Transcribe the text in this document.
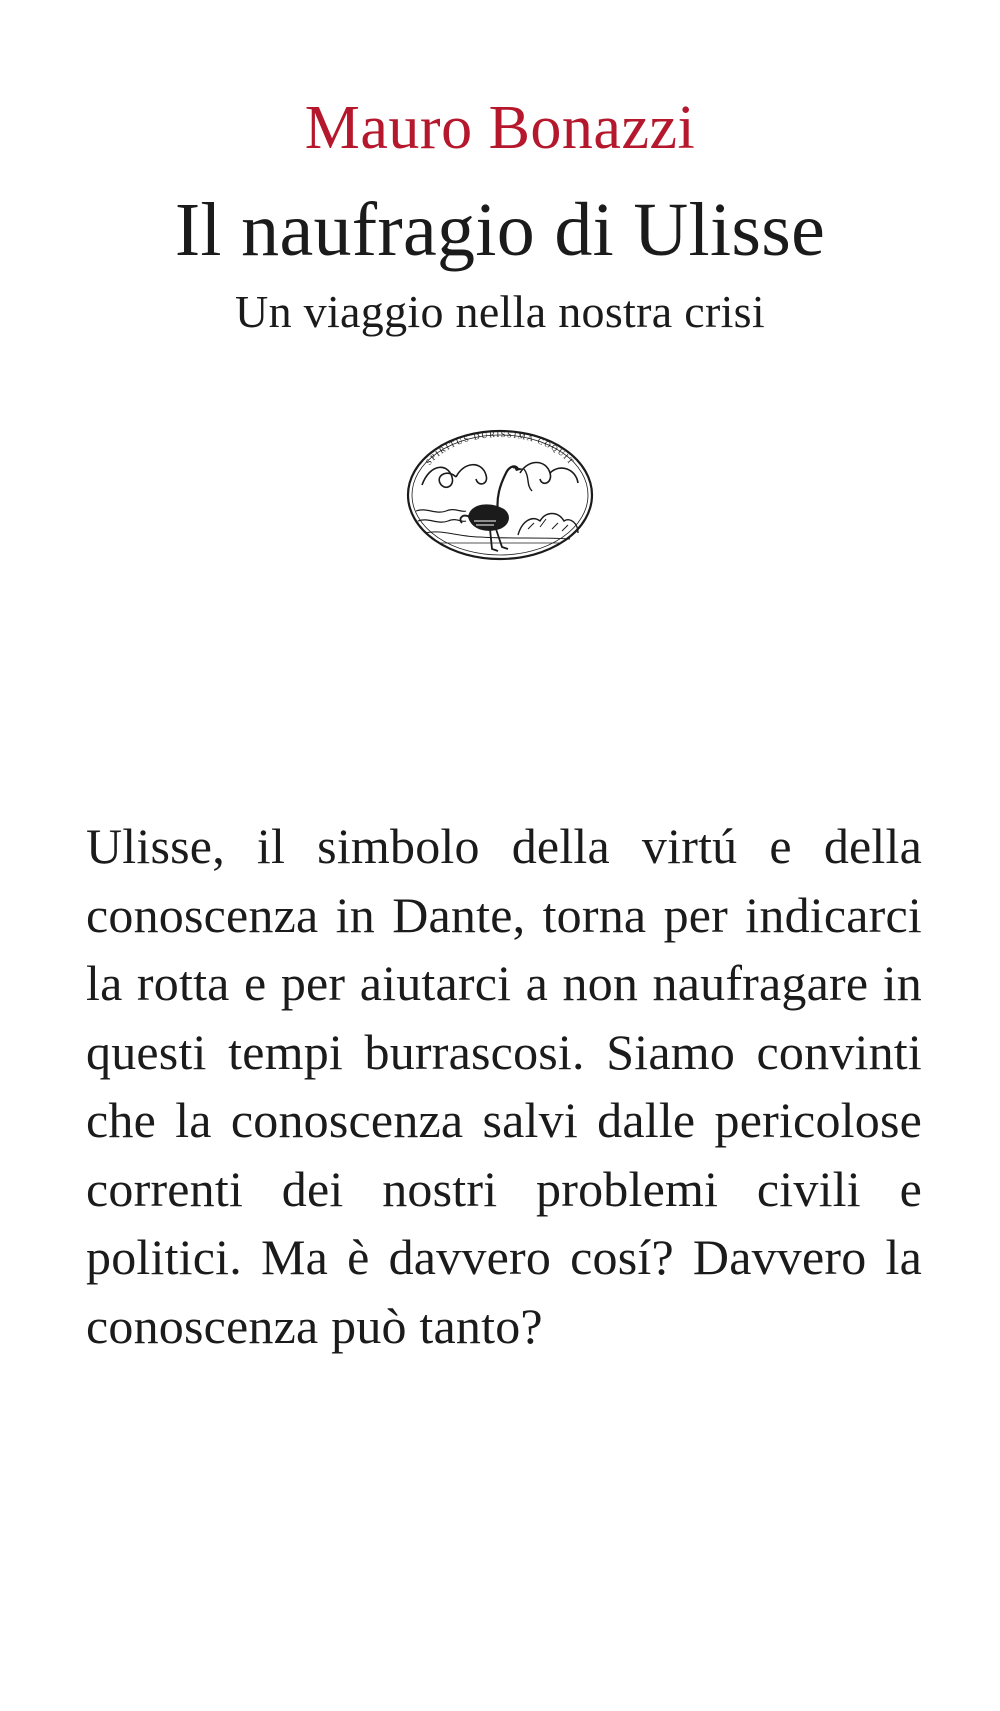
Mauro Bonazzi
Il naufragio di Ulisse
Un viaggio nella nostra crisi
SPIRITUS DURISSIMA COQUIT

Ulisse, il simbolo della virtú e della conoscenza in Dante, torna per indicarci la rotta e per aiutarci a non naufragare in questi tempi burrascosi. Siamo convinti che la conoscenza salvi dalle pericolose correnti dei nostri problemi civili e politici. Ma è davvero cosí? Davvero la conoscenza può tanto?
